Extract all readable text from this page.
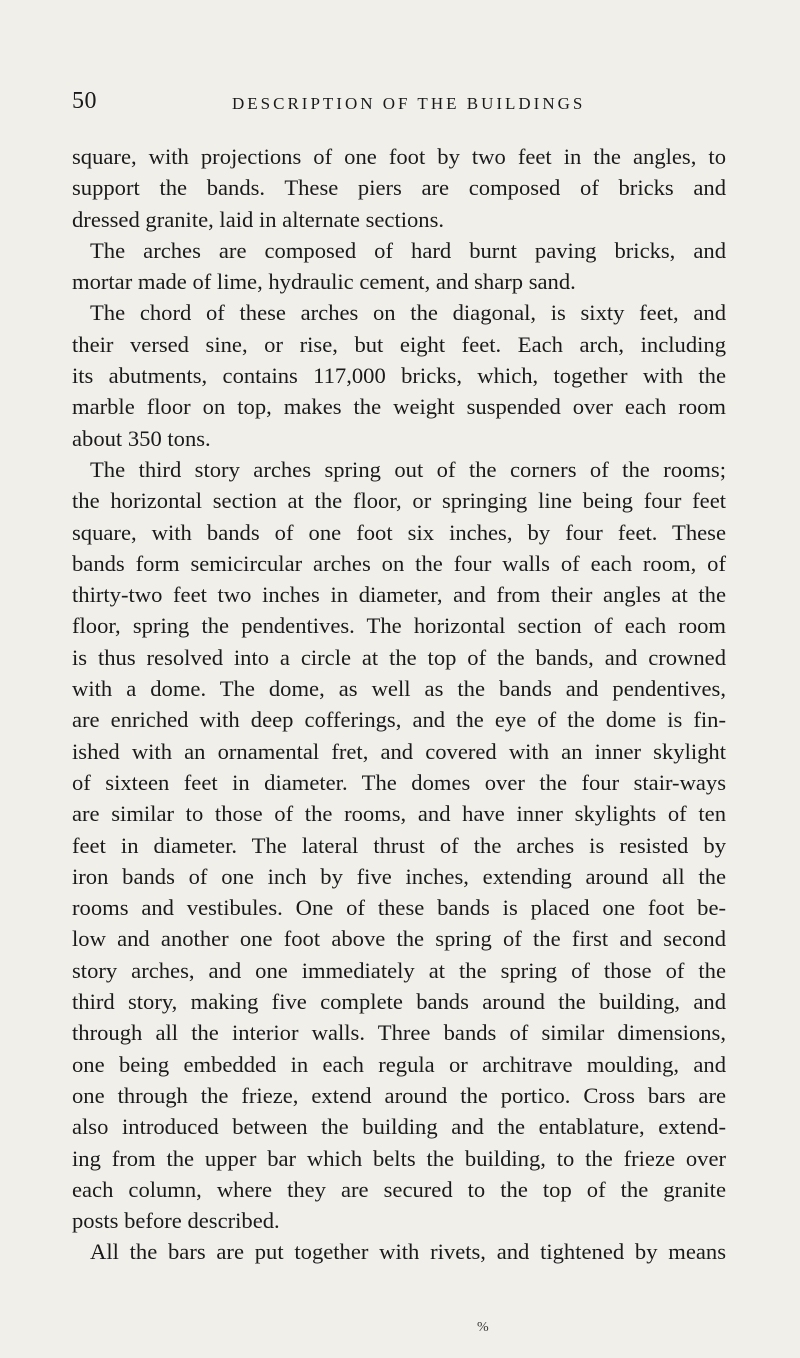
50	DESCRIPTION OF THE BUILDINGS
square, with projections of one foot by two feet in the angles, to
support the bands. These piers are composed of bricks and
dressed granite, laid in alternate sections.
The arches are composed of hard burnt paving bricks, and
mortar made of lime, hydraulic cement, and sharp sand.
The chord of these arches on the diagonal, is sixty feet, and
their versed sine, or rise, but eight feet. Each arch, including
its abutments, contains 117,000 bricks, which, together with the
marble floor on top, makes the weight suspended over each room
about 350 tons.
The third story arches spring out of the corners of the rooms;
the horizontal section at the floor, or springing line being four feet
square, with bands of one foot six inches, by four feet. These
bands form semicircular arches on the four walls of each room, of
thirty-two feet two inches in diameter, and from their angles at the
floor, spring the pendentives. The horizontal section of each room
is thus resolved into a circle at the top of the bands, and crowned
with a dome. The dome, as well as the bands and pendentives,
are enriched with deep cofferings, and the eye of the dome is fin-
ished with an ornamental fret, and covered with an inner skylight
of sixteen feet in diameter. The domes over the four stair-ways
are similar to those of the rooms, and have inner skylights of ten
feet in diameter. The lateral thrust of the arches is resisted by
iron bands of one inch by five inches, extending around all the
rooms and vestibules. One of these bands is placed one foot be-
low and another one foot above the spring of the first and second
story arches, and one immediately at the spring of those of the
third story, making five complete bands around the building, and
through all the interior walls. Three bands of similar dimensions,
one being embedded in each regula or architrave moulding, and
one through the frieze, extend around the portico. Cross bars are
also introduced between the building and the entablature, extend-
ing from the upper bar which belts the building, to the frieze over
each column, where they are secured to the top of the granite
posts before described.
All the bars are put together with rivets, and tightened by means
%
